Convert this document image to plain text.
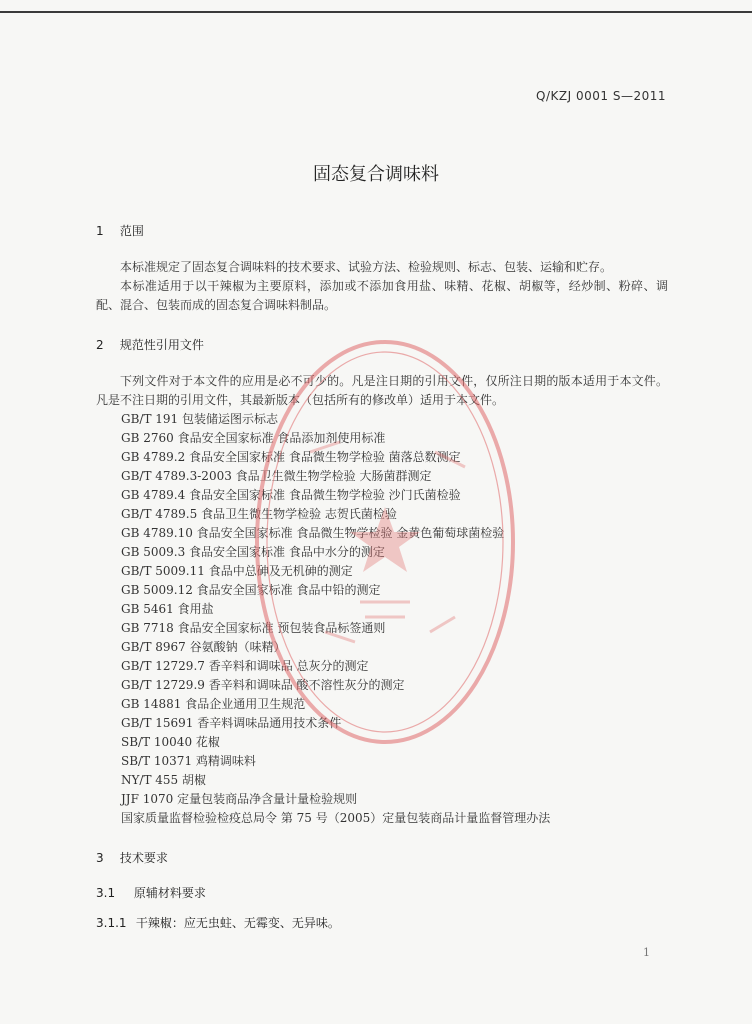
Q/KZJ 0001 S—2011
固态复合调味料
1 范围
本标准规定了固态复合调味料的技术要求、试验方法、检验规则、标志、包装、运输和贮存。
本标准适用于以干辣椒为主要原料，添加或不添加食用盐、味精、花椒、胡椒等，经炒制、粉碎、调配、混合、包装而成的固态复合调味料制品。
2 规范性引用文件
下列文件对于本文件的应用是必不可少的。凡是注日期的引用文件，仅所注日期的版本适用于本文件。凡是不注日期的引用文件，其最新版本（包括所有的修改单）适用于本文件。
GB/T 191 包装储运图示标志
GB 2760 食品安全国家标准 食品添加剂使用标准
GB 4789.2 食品安全国家标准 食品微生物学检验 菌落总数测定
GB/T 4789.3-2003 食品卫生微生物学检验 大肠菌群测定
GB 4789.4 食品安全国家标准 食品微生物学检验 沙门氏菌检验
GB/T 4789.5 食品卫生微生物学检验 志贺氏菌检验
GB 4789.10 食品安全国家标准 食品微生物学检验 金黄色葡萄球菌检验
GB 5009.3 食品安全国家标准 食品中水分的测定
GB/T 5009.11 食品中总砷及无机砷的测定
GB 5009.12 食品安全国家标准 食品中铅的测定
GB 5461 食用盐
GB 7718 食品安全国家标准 预包装食品标签通则
GB/T 8967 谷氨酸钠（味精）
GB/T 12729.7 香辛料和调味品 总灰分的测定
GB/T 12729.9 香辛料和调味品 酸不溶性灰分的测定
GB 14881 食品企业通用卫生规范
GB/T 15691 香辛料调味品通用技术条件
SB/T 10040 花椒
SB/T 10371 鸡精调味料
NY/T 455 胡椒
JJF 1070 定量包装商品净含量计量检验规则
国家质量监督检验检疫总局令 第 75 号（2005）定量包装商品计量监督管理办法
3 技术要求
3.1 原辅材料要求
3.1.1 干辣椒：应无虫蛀、无霉变、无异味。
1
